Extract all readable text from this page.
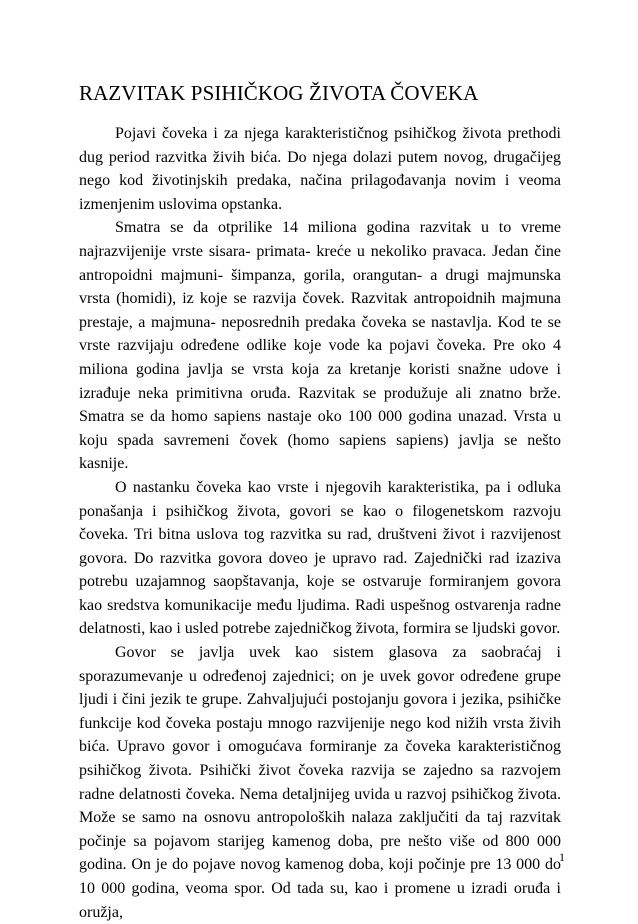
RAZVITAK PSIHIČKOG ŽIVOTA ČOVEKA

Pojavi čoveka i za njega karakterističnog psihičkog života prethodi dug period razvitka živih bića. Do njega dolazi putem novog, drugačijeg nego kod životinjskih predaka, načina prilagođavanja novim i veoma izmenjenim uslovima opstanka.

Smatra se da otprilike 14 miliona godina razvitak u to vreme najrazvijenije vrste sisara- primata- kreće u nekoliko pravaca. Jedan čine antropoidni majmuni- šimpanza, gorila, orangutan- a drugi majmunska vrsta (homidi), iz koje se razvija čovek. Razvitak antropoidnih majmuna prestaje, a majmuna- neposrednih predaka čoveka se nastavlja. Kod te se vrste razvijaju određene odlike koje vode ka pojavi čoveka. Pre oko 4 miliona godina javlja se vrsta koja za kretanje koristi snažne udove i izrađuje neka primitivna oruđa. Razvitak se produžuje ali znatno brže. Smatra se da homo sapiens nastaje oko 100 000 godina unazad. Vrsta u koju spada savremeni čovek (homo sapiens sapiens) javlja se nešto kasnije.

O nastanku čoveka kao vrste i njegovih karakteristika, pa i odluka ponašanja i psihičkog života, govori se kao o filogenetskom razvoju čoveka. Tri bitna uslova tog razvitka su rad, društveni život i razvijenost govora. Do razvitka govora doveo je upravo rad. Zajednički rad izaziva potrebu uzajamnog saopštavanja, koje se ostvaruje formiranjem govora kao sredstva komunikacije među ljudima. Radi uspešnog ostvarenja radne delatnosti, kao i usled potrebe zajedničkog života, formira se ljudski govor.

Govor se javlja uvek kao sistem glasova za saobraćaj i sporazumevanje u određenoj zajednici; on je uvek govor određene grupe ljudi i čini jezik te grupe. Zahvaljujući postojanju govora i jezika, psihičke funkcije kod čoveka postaju mnogo razvijenije nego kod nižih vrsta živih bića. Upravo govor i omogućava formiranje za čoveka karakterističnog psihičkog života. Psihički život čoveka razvija se zajedno sa razvojem radne delatnosti čoveka. Nema detaljnijeg uvida u razvoj psihičkog života. Može se samo na osnovu antropoloških nalaza zaključiti da taj razvitak počinje sa pojavom starijeg kamenog doba, pre nešto više od 800 000 godina. On je do pojave novog kamenog doba, koji počinje pre 13 000 do 10 000 godina, veoma spor. Od tada su, kao i promene u izradi oruđa i oružja,

1
